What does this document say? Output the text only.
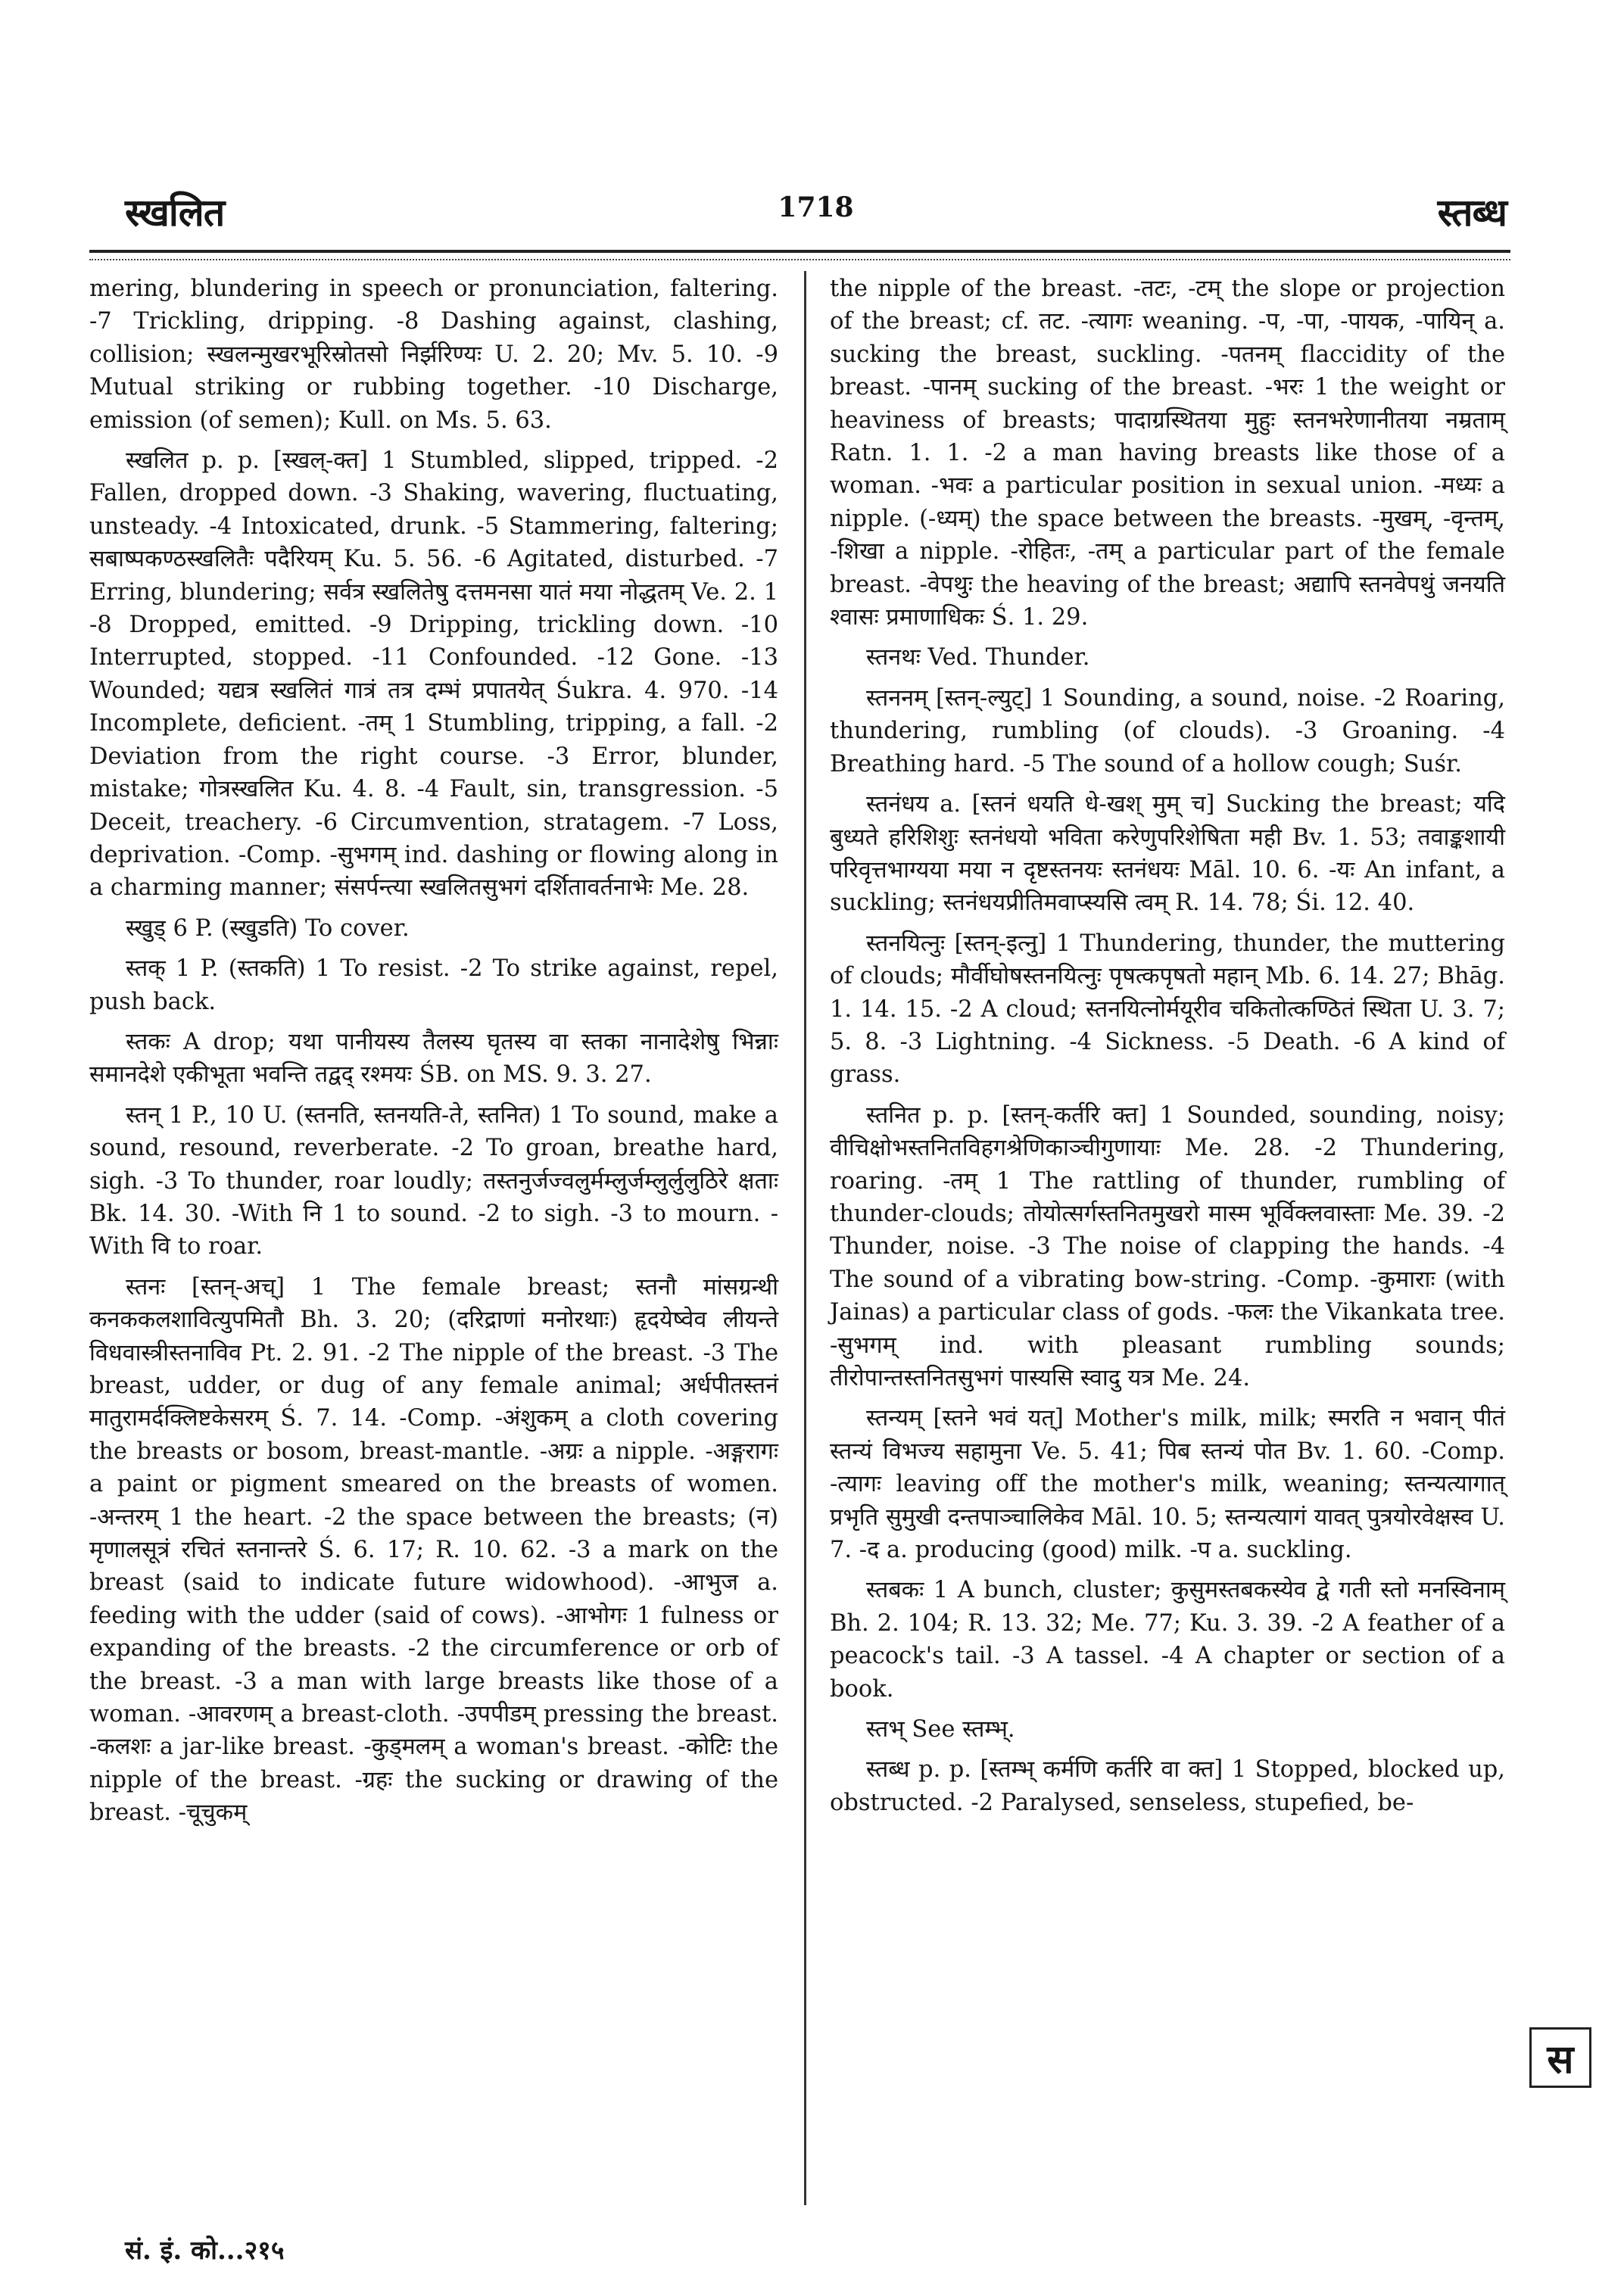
स्खलित	1718	स्तब्ध

mering, blundering in speech or pronunciation, faltering. -7 Trickling, dripping. -8 Dashing against, clashing, collision; स्खलन्मुखरभूरिस्रोतसो निर्झरिण्यः U. 2. 20; Mv. 5. 10. -9 Mutual striking or rubbing together. -10 Discharge, emission (of semen); Kull. on Ms. 5. 63.

स्खलित p. p. [स्खल्-क्त] 1 Stumbled, slipped, tripped. -2 Fallen, dropped down. -3 Shaking, wavering, fluctuating, unsteady. -4 Intoxicated, drunk. -5 Stammering, faltering; सबाष्पकण्ठस्खलितैः पदैरियम् Ku. 5. 56. -6 Agitated, disturbed. -7 Erring, blundering; सर्वत्र स्खलितेषु दत्तमनसा यातं मया नोद्धतम् Ve. 2. 1 -8 Dropped, emitted. -9 Dripping, trickling down. -10 Interrupted, stopped. -11 Confounded. -12 Gone. -13 Wounded; यद्यत्र स्खलितं गात्रं तत्र दम्भं प्रपातयेत् Śukra. 4. 970. -14 Incomplete, deficient. -तम् 1 Stumbling, tripping, a fall. -2 Deviation from the right course. -3 Error, blunder, mistake; गोत्रस्खलित Ku. 4. 8. -4 Fault, sin, transgression. -5 Deceit, treachery. -6 Circumvention, stratagem. -7 Loss, deprivation. -Comp. -सुभगम् ind. dashing or flowing along in a charming manner; संसर्पन्त्या स्खलितसुभगं दर्शितावर्तनाभेः Me. 28.

स्खुड् 6 P. (स्खुडति) To cover.

स्तक् 1 P. (स्तकति) 1 To resist. -2 To strike against, repel, push back.

स्तकः A drop; यथा पानीयस्य तैलस्य घृतस्य वा स्तका नानादेशेषु भिन्नाः समानदेशे एकीभूता भवन्ति तद्वद् रश्मयः ŚB. on MS. 9. 3. 27.

स्तन् 1 P., 10 U. (स्तनति, स्तनयति-ते, स्तनित) 1 To sound, make a sound, resound, reverberate. -2 To groan, breathe hard, sigh. -3 To thunder, roar loudly; तस्तनुर्जज्वलुर्मम्लुर्जम्लुर्लुलुठिरे क्षताः Bk. 14. 30. -With नि 1 to sound. -2 to sigh. -3 to mourn. -With वि to roar.

स्तनः [स्तन्-अच्] 1 The female breast; स्तनौ मांसग्रन्थी कनककलशावित्युपमितौ Bh. 3. 20; (दरिद्राणां मनोरथाः) हृदयेष्वेव लीयन्ते विधवास्त्रीस्तनाविव Pt. 2. 91. -2 The nipple of the breast. -3 The breast, udder, or dug of any female animal; अर्धपीतस्तनं मातुरामर्दक्लिष्टकेसरम् Ś. 7. 14. -Comp. -अंशुकम् a cloth covering the breasts or bosom, breast-mantle. -अग्रः a nipple. -अङ्गरागः a paint or pigment smeared on the breasts of women. -अन्तरम् 1 the heart. -2 the space between the breasts; (न) मृणालसूत्रं रचितं स्तनान्तरे Ś. 6. 17; R. 10. 62. -3 a mark on the breast (said to indicate future widowhood). -आभुज a. feeding with the udder (said of cows). -आभोगः 1 fulness or expanding of the breasts. -2 the circumference or orb of the breast. -3 a man with large breasts like those of a woman. -आवरणम् a breast-cloth. -उपपीडम् pressing the breast. -कलशः a jar-like breast. -कुड्मलम् a woman's breast. -कोटिः the nipple of the breast. -ग्रहः the sucking or drawing of the breast. -चूचुकम्

the nipple of the breast. -तटः, -टम् the slope or projection of the breast; cf. तट. -त्यागः weaning. -प, -पा, -पायक, -पायिन् a. sucking the breast, suckling. -पतनम् flaccidity of the breast. -पानम् sucking of the breast. -भरः 1 the weight or heaviness of breasts; पादाग्रस्थितया मुहुः स्तनभरेणानीतया नम्रताम् Ratn. 1. 1. -2 a man having breasts like those of a woman. -भवः a particular position in sexual union. -मध्यः a nipple. (-ध्यम्) the space between the breasts. -मुखम्, -वृन्तम्, -शिखा a nipple. -रोहितः, -तम् a particular part of the female breast. -वेपथुः the heaving of the breast; अद्यापि स्तनवेपथुं जनयति श्वासः प्रमाणाधिकः Ś. 1. 29.

स्तनथः Ved. Thunder.

स्तननम् [स्तन्-ल्युट्] 1 Sounding, a sound, noise. -2 Roaring, thundering, rumbling (of clouds). -3 Groaning. -4 Breathing hard. -5 The sound of a hollow cough; Suśr.

स्तनंधय a. [स्तनं धयति धे-खश् मुम् च] Sucking the breast; यदि बुध्यते हरिशिशुः स्तनंधयो भविता करेणुपरिशेषिता मही Bv. 1. 53; तवाङ्कशायी परिवृत्तभाग्यया मया न दृष्टस्तनयः स्तनंधयः Māl. 10. 6. -यः An infant, a suckling; स्तनंधयप्रीतिमवाप्स्यसि त्वम् R. 14. 78; Śi. 12. 40.

स्तनयित्नुः [स्तन्-इत्नु] 1 Thundering, thunder, the muttering of clouds; मौर्वीघोषस्तनयित्नुः पृषत्कपृषतो महान् Mb. 6. 14. 27; Bhāg. 1. 14. 15. -2 A cloud; स्तनयित्नोर्मयूरीव चकितोत्कण्ठितं स्थिता U. 3. 7; 5. 8. -3 Lightning. -4 Sickness. -5 Death. -6 A kind of grass.

स्तनित p. p. [स्तन्-कर्तरि क्त] 1 Sounded, sounding, noisy; वीचिक्षोभस्तनितविहगश्रेणिकाञ्चीगुणायाः Me. 28. -2 Thundering, roaring. -तम् 1 The rattling of thunder, rumbling of thunder-clouds; तोयोत्सर्गस्तनितमुखरो मास्म भूर्विक्लवास्ताः Me. 39. -2 Thunder, noise. -3 The noise of clapping the hands. -4 The sound of a vibrating bow-string. -Comp. -कुमाराः (with Jainas) a particular class of gods. -फलः the Vikankata tree. -सुभगम् ind. with pleasant rumbling sounds; तीरोपान्तस्तनितसुभगं पास्यसि स्वादु यत्र Me. 24.

स्तन्यम् [स्तने भवं यत्] Mother's milk, milk; स्मरति न भवान् पीतं स्तन्यं विभज्य सहामुना Ve. 5. 41; पिब स्तन्यं पोत Bv. 1. 60. -Comp. -त्यागः leaving off the mother's milk, weaning; स्तन्यत्यागात् प्रभृति सुमुखी दन्तपाञ्चालिकेव Māl. 10. 5; स्तन्यत्यागं यावत् पुत्रयोरवेक्षस्व U. 7. -द a. producing (good) milk. -प a. suckling.

स्तबकः 1 A bunch, cluster; कुसुमस्तबकस्येव द्वे गती स्तो मनस्विनाम् Bh. 2. 104; R. 13. 32; Me. 77; Ku. 3. 39. -2 A feather of a peacock's tail. -3 A tassel. -4 A chapter or section of a book.

स्तभ् See स्तम्भ्.

स्तब्ध p. p. [स्तम्भ् कर्मणि कर्तरि वा क्त] 1 Stopped, blocked up, obstructed. -2 Paralysed, senseless, stupefied, be-

सं. इं. को...२१५
स
